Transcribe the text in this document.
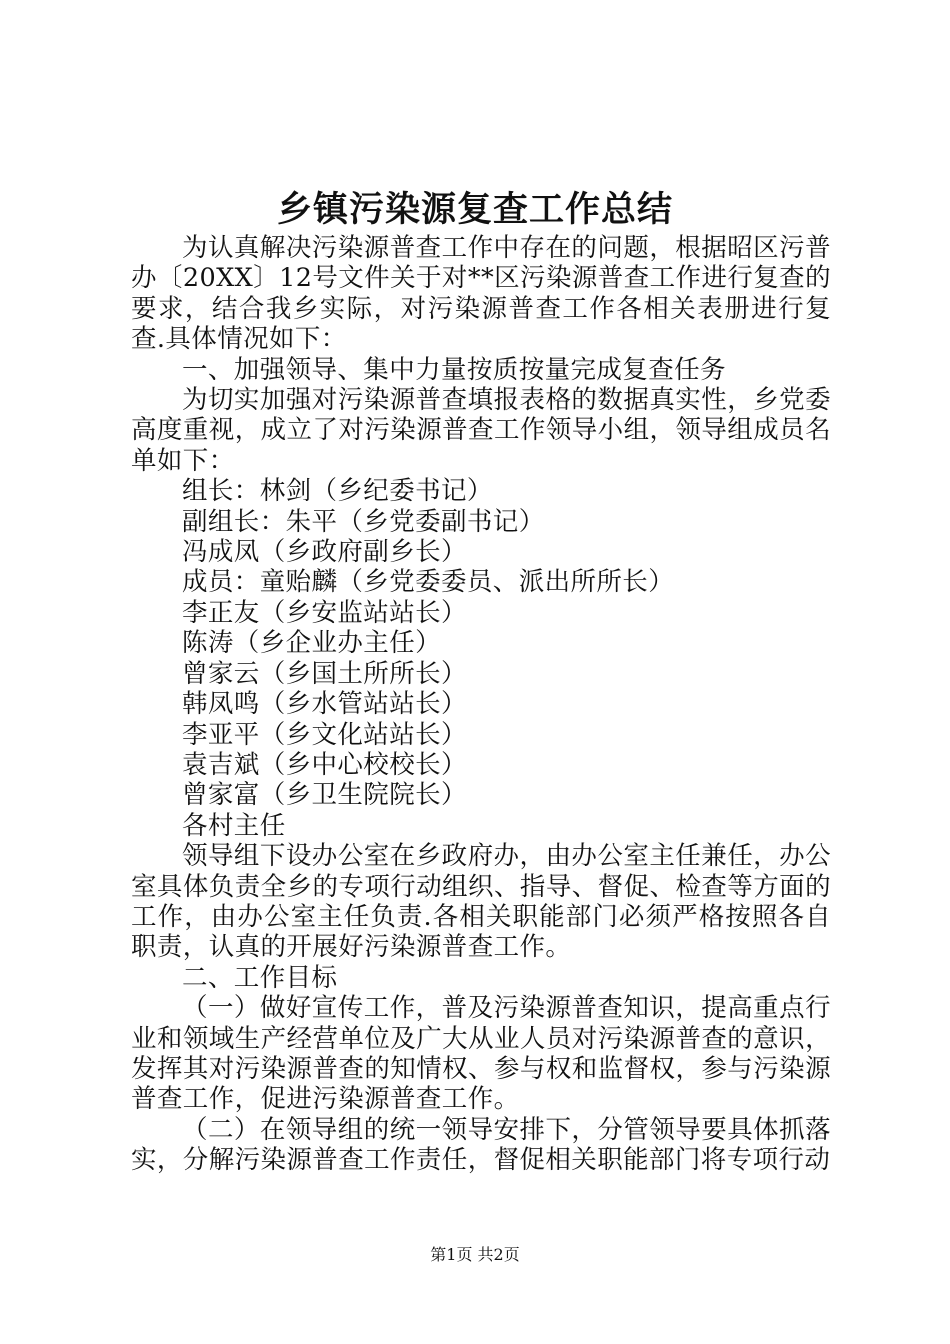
乡镇污染源复查工作总结

为认真解决污染源普查工作中存在的问题，根据昭区污普办〔20XX〕12号文件关于对**区污染源普查工作进行复查的要求，结合我乡实际，对污染源普查工作各相关表册进行复查.具体情况如下：

一、加强领导、集中力量按质按量完成复查任务

为切实加强对污染源普查填报表格的数据真实性，乡党委高度重视，成立了对污染源普查工作领导小组，领导组成员名单如下：

组长：林剑（乡纪委书记）

副组长：朱平（乡党委副书记）

冯成凤（乡政府副乡长）

成员：童贻麟（乡党委委员、派出所所长）

李正友（乡安监站站长）

陈涛（乡企业办主任）

曾家云（乡国土所所长）

韩凤鸣（乡水管站站长）

李亚平（乡文化站站长）

袁吉斌（乡中心校校长）

曾家富（乡卫生院院长）

各村主任

领导组下设办公室在乡政府办，由办公室主任兼任，办公室具体负责全乡的专项行动组织、指导、督促、检查等方面的工作，由办公室主任负责.各相关职能部门必须严格按照各自职责，认真的开展好污染源普查工作。

二、工作目标

（一）做好宣传工作，普及污染源普查知识，提高重点行业和领域生产经营单位及广大从业人员对污染源普查的意识，发挥其对污染源普查的知情权、参与权和监督权，参与污染源普查工作，促进污染源普查工作。

（二）在领导组的统一领导安排下，分管领导要具体抓落实，分解污染源普查工作责任，督促相关职能部门将专项行动

第1页 共2页
